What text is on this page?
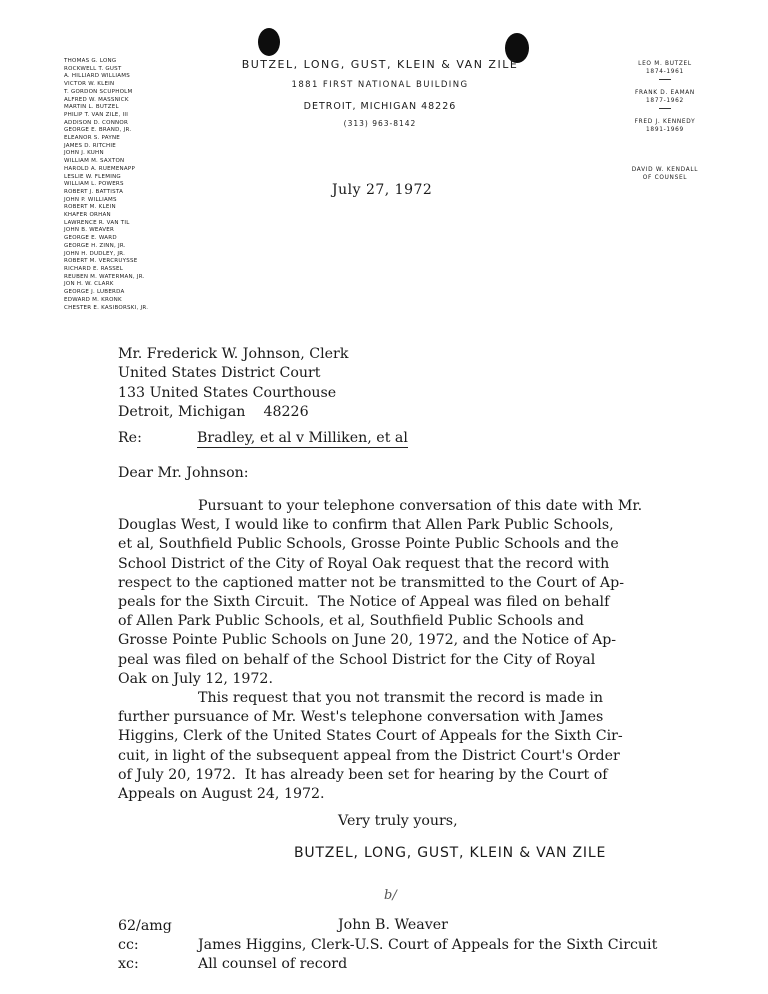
THOMAS G. LONG
ROCKWELL T. GUST
A. HILLIARD WILLIAMS
VICTOR W. KLEIN
T. GORDON SCUPHOLM
ALFRED W. MASSNICK
MARTIN L. BUTZEL
PHILIP T. VAN ZILE, III
ADDISON D. CONNOR
GEORGE E. BRAND, JR.
ELEANOR S. PAYNE
JAMES D. RITCHIE
JOHN J. KUHN
WILLIAM M. SAXTON
HAROLD A. RUEMENAPP
LESLIE W. FLEMING
WILLIAM L. POWERS
ROBERT J. BATTISTA
JOHN P. WILLIAMS
ROBERT M. KLEIN
KHAFER ORHAN
LAWRENCE R. VAN TIL
JOHN B. WEAVER
GEORGE E. WARD
GEORGE H. ZINN, JR.
JOHN H. DUDLEY, JR.
ROBERT M. VERCRUYSSE
RICHARD E. RASSEL
REUBEN M. WATERMAN, JR.
JON H. W. CLARK
GEORGE J. LUBERDA
EDWARD M. KRONK
CHESTER E. KASIBORSKI, JR.
BUTZEL, LONG, GUST, KLEIN & VAN ZILE
1881 FIRST NATIONAL BUILDING
DETROIT, MICHIGAN 48226
(313) 963-8142
LEO M. BUTZEL
1874-1961
FRANK D. EAMAN
1877-1962
FRED J. KENNEDY
1891-1969
DAVID W. KENDALL
OF COUNSEL
July 27, 1972
Mr. Frederick W. Johnson, Clerk
United States District Court
133 United States Courthouse
Detroit, Michigan    48226
Re:	Bradley, et al v Milliken, et al
Dear Mr. Johnson:
Pursuant to your telephone conversation of this date with Mr.
Douglas West, I would like to confirm that Allen Park Public Schools,
et al, Southfield Public Schools, Grosse Pointe Public Schools and the
School District of the City of Royal Oak request that the record with
respect to the captioned matter not be transmitted to the Court of Ap-
peals for the Sixth Circuit.  The Notice of Appeal was filed on behalf
of Allen Park Public Schools, et al, Southfield Public Schools and
Grosse Pointe Public Schools on June 20, 1972, and the Notice of Ap-
peal was filed on behalf of the School District for the City of Royal
Oak on July 12, 1972.
This request that you not transmit the record is made in
further pursuance of Mr. West's telephone conversation with James
Higgins, Clerk of the United States Court of Appeals for the Sixth Cir-
cuit, in light of the subsequent appeal from the District Court's Order
of July 20, 1972.  It has already been set for hearing by the Court of
Appeals on August 24, 1972.
Very truly yours,
BUTZEL, LONG, GUST, KLEIN & VAN ZILE
b/
62/amg
cc:
xc:
John B. Weaver
James Higgins, Clerk-U.S. Court of Appeals for the Sixth Circuit
All counsel of record
